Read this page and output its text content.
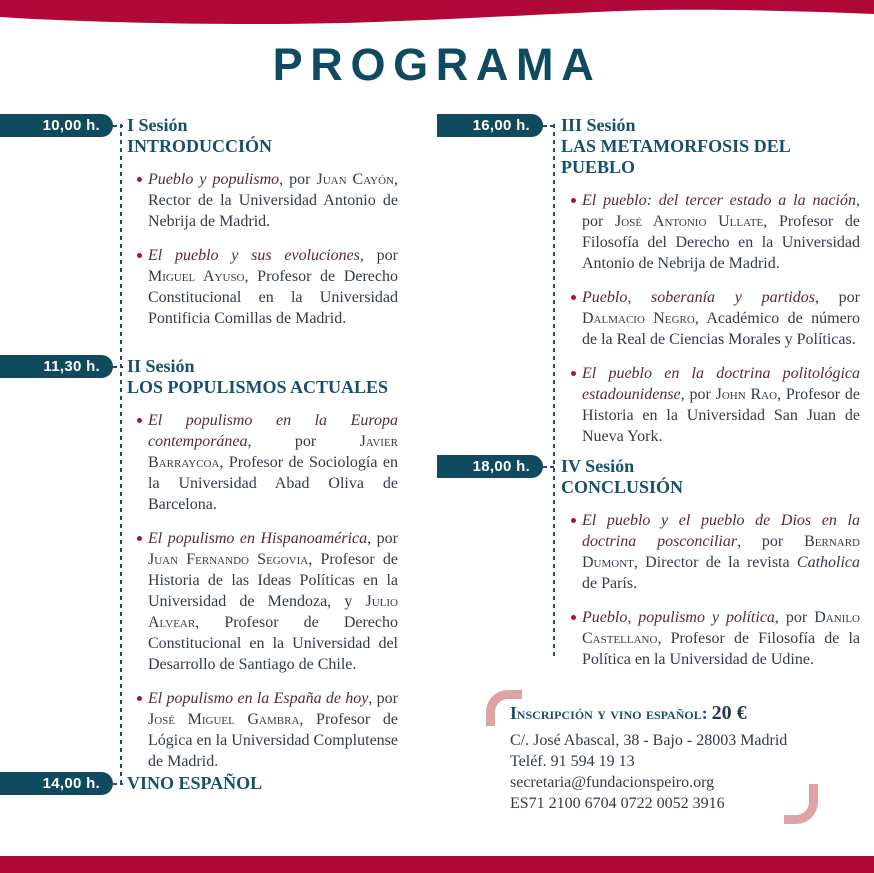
PROGRAMA
10,00 h.	I Sesión
INTRODUCCIÓN
Pueblo y populismo, por Juan Cayón, Rector de la Universidad Antonio de Nebrija de Madrid.
El pueblo y sus evoluciones, por Miguel Ayuso, Profesor de Derecho Constitucional en la Universidad Pontificia Comillas de Madrid.
11,30 h.	II Sesión
LOS POPULISMOS ACTUALES
El populismo en la Europa contemporánea, por Javier Barraycoa, Profesor de Sociología en la Universidad Abad Oliva de Barcelona.
El populismo en Hispanoamérica, por Juan Fernando Segovia, Profesor de Historia de las Ideas Políticas en la Universidad de Mendoza, y Julio Alvear, Profesor de Derecho Constitucional en la Universidad del Desarrollo de Santiago de Chile.
El populismo en la España de hoy, por José Miguel Gambra, Profesor de Lógica en la Universidad Complutense de Madrid.
14,00 h.	VINO ESPAÑOL
16,00 h.	III Sesión
LAS METAMORFOSIS DEL PUEBLO
El pueblo: del tercer estado a la nación, por José Antonio Ullate, Profesor de Filosofía del Derecho en la Universidad Antonio de Nebrija de Madrid.
Pueblo, soberanía y partidos, por Dalmacio Negro, Académico de número de la Real de Ciencias Morales y Políticas.
El pueblo en la doctrina politológica estadounidense, por John Rao, Profesor de Historia en la Universidad San Juan de Nueva York.
18,00 h.	IV Sesión
CONCLUSIÓN
El pueblo y el pueblo de Dios en la doctrina posconciliar, por Bernard Dumont, Director de la revista Catholica de París.
Pueblo, populismo y política, por Danilo Castellano, Profesor de Filosofía de la Política en la Universidad de Udine.
Inscripción y vino español: 20 €
C/. José Abascal, 38 - Bajo - 28003 Madrid
Teléf. 91 594 19 13
secretaria@fundacionspeiro.org
ES71 2100 6704 0722 0052 3916
